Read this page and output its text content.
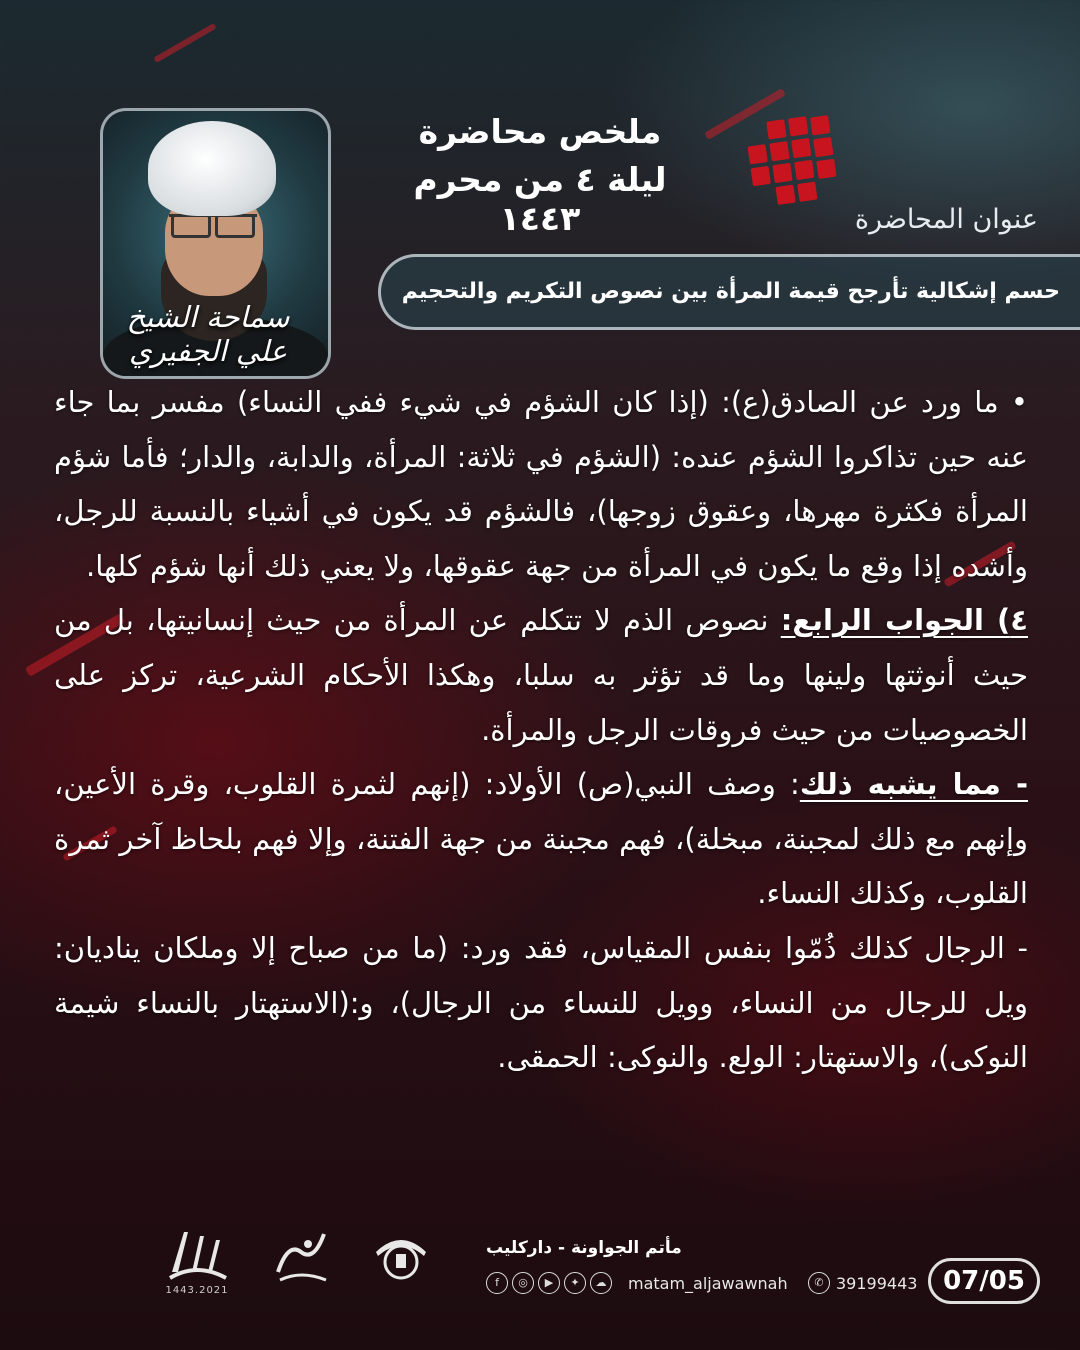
سماحة الشيخ علي الجفيري
ملخص محاضرة
ليلة ٤ من محرم ١٤٤٣	عنوان المحاضرة
حسم إشكالية تأرجح قيمة المرأة بين نصوص التكريم والتحجيم

• ما ورد عن الصادق(ع): (إذا كان الشؤم في شيء ففي النساء) مفسر بما جاء عنه حين تذاكروا الشؤم عنده: (الشؤم في ثلاثة: المرأة، والدابة، والدار؛ فأما شؤم المرأة فكثرة مهرها، وعقوق زوجها)، فالشؤم قد يكون في أشياء بالنسبة للرجل، وأشده إذا وقع ما يكون في المرأة من جهة عقوقها، ولا يعني ذلك أنها شؤم كلها.

٤) الجواب الرابع: نصوص الذم لا تتكلم عن المرأة من حيث إنسانيتها، بل من حيث أنوثتها ولينها وما قد تؤثر به سلبا، وهكذا الأحكام الشرعية، تركز على الخصوصيات من حيث فروقات الرجل والمرأة.

- مما يشبه ذلك: وصف النبي(ص) الأولاد: (إنهم لثمرة القلوب، وقرة الأعين، وإنهم مع ذلك لمجبنة، مبخلة)، فهم مجبنة من جهة الفتنة، وإلا فهم بلحاظ آخر ثمرة القلوب، وكذلك النساء.

- الرجال كذلك ذُمّوا بنفس المقياس، فقد ورد: (ما من صباح إلا وملكان يناديان: ويل للرجال من النساء، وويل للنساء من الرجال)، و:(الاستهتار بالنساء شيمة النوكى)، والاستهتار: الولع. والنوكى: الحمقى.

1443.2021
مأتم الجواونة - داركليب
f	◎	▶	✦	☁	matam_aljawawnah	✆ 39199443 07/05
